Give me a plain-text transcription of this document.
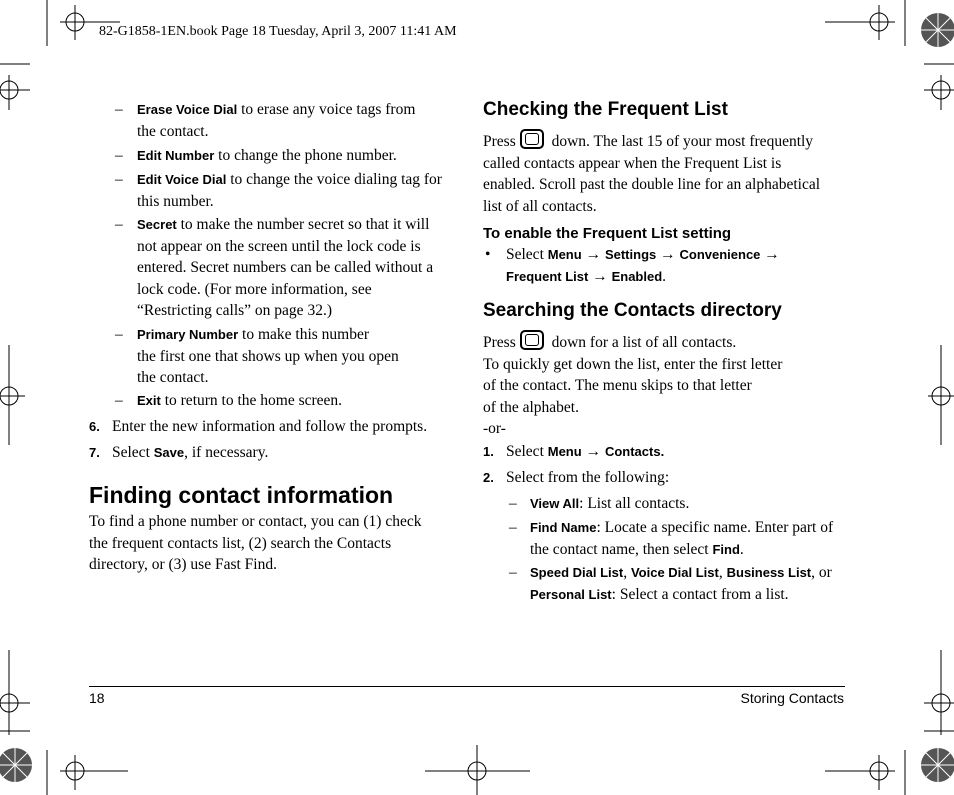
82-G1858-1EN.book Page 18 Tuesday, April 3, 2007 11:41 AM
– Erase Voice Dial to erase any voice tags from
the contact.
– Edit Number to change the phone number.
– Edit Voice Dial to change the voice dialing tag for
this number.
– Secret to make the number secret so that it will
not appear on the screen until the lock code is
entered. Secret numbers can be called without a
lock code. (For more information, see
“Restricting calls” on page 32.)
– Primary Number to make this number
the first one that shows up when you open
the contact.
– Exit to return to the home screen.
6. Enter the new information and follow the prompts.
7. Select Save, if necessary.
Finding contact information
To find a phone number or contact, you can (1) check
the frequent contacts list, (2) search the Contacts
directory, or (3) use Fast Find.
Checking the Frequent List
Press down. The last 15 of your most frequently
called contacts appear when the Frequent List is
enabled. Scroll past the double line for an alphabetical
list of all contacts.
To enable the Frequent List setting
• Select Menu → Settings → Convenience →
Frequent List → Enabled.
Searching the Contacts directory
Press down for a list of all contacts.
To quickly get down the list, enter the first letter
of the contact. The menu skips to that letter
of the alphabet.
-or-
1. Select Menu → Contacts.
2. Select from the following:
– View All: List all contacts.
– Find Name: Locate a specific name. Enter part of
the contact name, then select Find.
– Speed Dial List, Voice Dial List, Business List, or
Personal List: Select a contact from a list.
18	Storing Contacts
